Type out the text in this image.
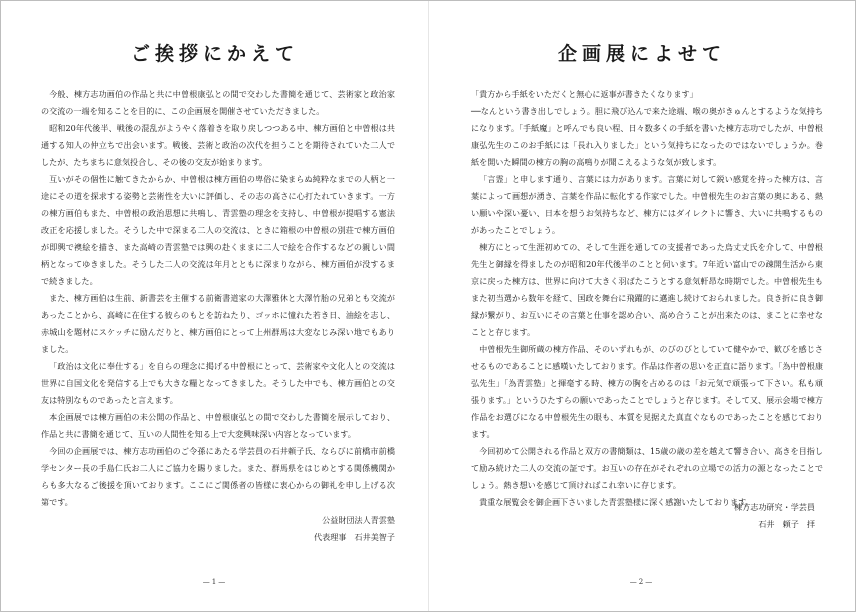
ご挨拶にかえて

今般、棟方志功画伯の作品と共に中曽根康弘との間で交わした書簡を通じて、芸術家と政治家の交流の一端を知ることを目的に、この企画展を開催させていただきました。

昭和20年代後半、戦後の混乱がようやく落着きを取り戻しつつある中、棟方画伯と中曽根は共通する知人の仲立ちで出会います。戦後、芸術と政治の次代を担うことを期待されていた二人でしたが、たちまちに意気投合し、その後の交友が始まります。

互いがその個性に触てきたからか、中曽根は棟方画伯の卑俗に染まらぬ純粋なまでの人柄と一途にその道を探求する姿勢と芸術性を大いに評価し、その志の高さに心打たれていきます。一方の棟方画伯もまた、中曽根の政治思想に共鳴し、青雲塾の理念を支持し、中曽根が提唱する憲法改正を応援しました。そうした中で深まる二人の交流は、ときに箱根の中曽根の別荘で棟方画伯が即興で襖絵を描き、また高崎の青雲塾では興の赴くままに二人で絵を合作するなどの親しい間柄となってゆきました。そうした二人の交流は年月とともに深まりながら、棟方画伯が没するまで続きました。

また、棟方画伯は生前、新書芸を主催する前衛書道家の大澤雅休と大澤竹胎の兄弟とも交流があったことから、高崎に在住する彼らのもとを訪ねたり、ゴッホに憧れた若き日、油絵を志し、赤城山を題材にスケッチに励んだりと、棟方画伯にとって上州群馬は大変なじみ深い地でもありました。

「政治は文化に奉仕する」を自らの理念に掲げる中曽根にとって、芸術家や文化人との交流は世界に自国文化を発信する上でも大きな糧となってきました。そうした中でも、棟方画伯との交友は特別なものであったと言えます。

本企画展では棟方画伯の未公開の作品と、中曽根康弘との間で交わした書簡を展示しており、作品と共に書簡を通じて、互いの人間性を知る上で大変興味深い内容となっています。

今回の企画展では、棟方志功画伯のご令孫にあたる学芸員の石井頼子氏、ならびに前橋市前橋学センター長の手島仁氏お二人にご協力を賜りました。また、群馬県をはじめとする関係機関からも多大なるご後援を頂いております。ここにご関係者の皆様に衷心からの御礼を申し上げる次第です。

公益財団法人青雲塾
代表理事　石井美智子
—1—
企画展によせて

「貴方から手紙をいただくと無心に返事が書きたくなります」

──なんという書き出しでしょう。胆に飛び込んで来た途端、喉の奥がきゅんとするような気持ちになります。「手紙魔」と呼んでも良い程、日々数多くの手紙を書いた棟方志功でしたが、中曽根康弘先生のこのお手紙には「長れ入りました」という気持ちになったのではないでしょうか。巻紙を開いた瞬間の棟方の胸の高鳴りが聞こえるような気が致します。

「言霊」と申します通り、言葉には力があります。言葉に対して鋭い感覚を持った棟方は、言葉によって画想が湧き、言葉を作品に転化する作家でした。中曽根先生のお言葉の奥にある、熱い願いや深い憂い、日本を想うお気持ちなど、棟方にはダイレクトに響き、大いに共鳴するものがあったことでしょう。

棟方にとって生涯初めての、そして生涯を通しての支援者であった烏丈丈氏を介して、中曽根先生と御縁を得ましたのが昭和20年代後半のことと伺います。7年近い富山での疎開生活から東京に戻った棟方は、世界に向けて大きく羽ばたこうとする意気軒昂な時期でした。中曽根先生もまた初当選から数年を経て、国政を舞台に飛躍的に邁進し続けておられました。良き折に良き御縁が繋がり、お互いにその言葉と仕事を認め合い、高め合うことが出来たのは、まことに幸せなことと存じます。

中曽根先生御所蔵の棟方作品、そのいずれもが、のびのびとしていて健やかで、歓びを感じさせるものであることに感嘆いたしております。作品は作者の思いを正直に語ります。「為中曽根康弘先生」「為青雲塾」と揮毫する時、棟方の胸を占めるのは「お元気で頑張って下さい。私も頑張ります。」というひたすらの願いであったことでしょうと存じます。そして又、展示会場で棟方作品をお選びになる中曽根先生の眼も、本質を見据えた真直ぐなものであったことを感じております。

今回初めて公開される作品と双方の書簡類は、15歳の歳の差を越えて響き合い、高きを目指して励み続けた二人の交流の証です。お互いの存在がそれぞれの立場での活力の源となったことでしょう。熱き想いを感じて頂ければこれ幸いに存じます。

貴重な展覧会を御企画下さいました青雲塾様に深く感謝いたしております。

棟方志功研究・学芸員
石井　頼子　拝
—2—
